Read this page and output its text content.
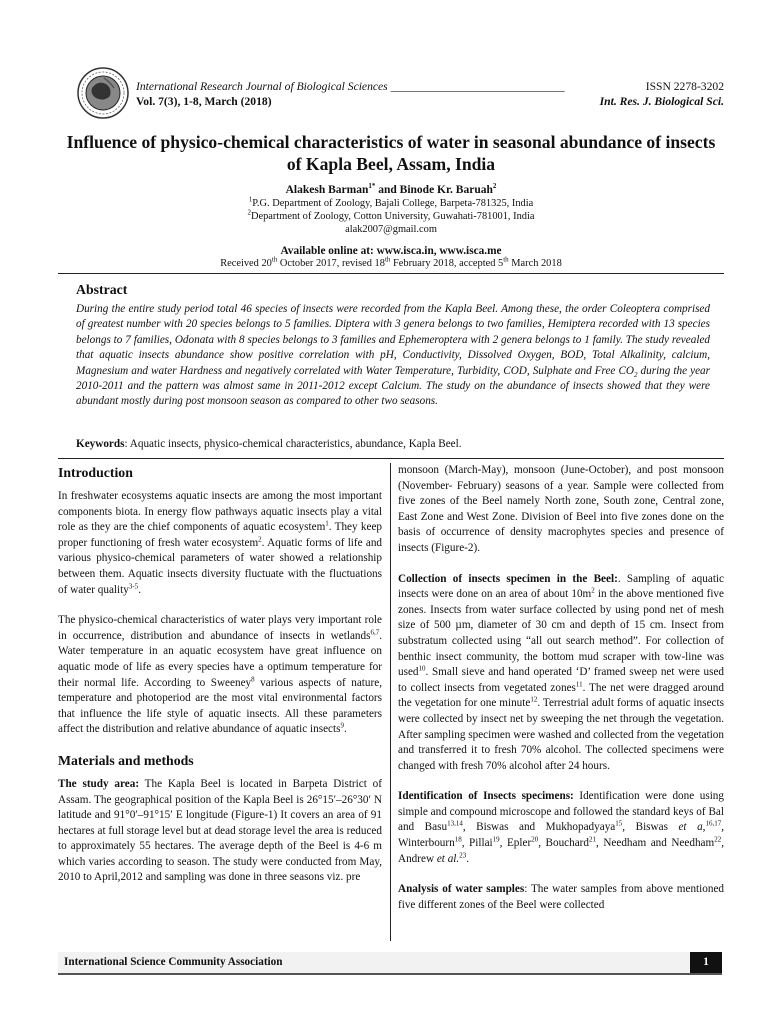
International Research Journal of Biological Sciences ______________________________
Vol. 7(3), 1-8, March (2018)
ISSN 2278-3202
Int. Res. J. Biological Sci.
Influence of physico-chemical characteristics of water in seasonal abundance of insects of Kapla Beel, Assam, India
Alakesh Barman$^{1*}$ and Binode Kr. Baruah$^2$
$^1$P.G. Department of Zoology, Bajali College, Barpeta-781325, India
$^2$Department of Zoology, Cotton University, Guwahati-781001, India
alak2007@gmail.com
Available online at: www.isca.in, www.isca.me
Received 20th October 2017, revised 18th February 2018, accepted 5th March 2018
Abstract
During the entire study period total 46 species of insects were recorded from the Kapla Beel. Among these, the order Coleoptera comprised of greatest number with 20 species belongs to 5 families. Diptera with 3 genera belongs to two families, Hemiptera recorded with 13 species belongs to 7 families, Odonata with 8 species belongs to 3 families and Ephemeroptera with 2 genera belongs to 1 family. The study revealed that aquatic insects abundance show positive correlation with pH, Conductivity, Dissolved Oxygen, BOD, Total Alkalinity, calcium, Magnesium and water Hardness and negatively correlated with Water Temperature, Turbidity, COD, Sulphate and Free $CO_2$ during the year 2010-2011 and the pattern was almost same in 2011-2012 except Calcium. The study on the abundance of insects showed that they were abundant mostly during post monsoon season as compared to other two seasons.
Keywords: Aquatic insects, physico-chemical characteristics, abundance, Kapla Beel.
Introduction

In freshwater ecosystems aquatic insects are among the most important components biota. In energy flow pathways aquatic insects play a vital role as they are the chief components of aquatic ecosystem$^1$. They keep proper functioning of fresh water ecosystem$^2$. Aquatic forms of life and various physico-chemical parameters of water showed a relationship between them. Aquatic insects diversity fluctuate with the fluctuations of water quality$^{3-5}$.

The physico-chemical characteristics of water plays very important role in occurrence, distribution and abundance of insects in wetlands$^{6,7}$. Water temperature in an aquatic ecosystem have great influence on aquatic mode of life as every species have a optimum temperature for their normal life. According to Sweeney$^8$ various aspects of nature, temperature and photoperiod are the most vital environmental factors that influence the life style of aquatic insects. All these parameters affect the distribution and relative abundance of aquatic insects$^9$.

Materials and methods

The study area: The Kapla Beel is located in Barpeta District of Assam. The geographical position of the Kapla Beel is 26°15′–26°30′ N latitude and 91°0′–91°15′ E longitude (Figure-1) It covers an area of 91 hectares at full storage level but at dead storage level the area is reduced to approximately 55 hectares. The average depth of the Beel is 4-6 m which varies according to season. The study were conducted from May, 2010 to April,2012 and sampling was done in three seasons viz. pre

monsoon (March-May), monsoon (June-October), and post monsoon (November- February) seasons of a year. Sample were collected from five zones of the Beel namely North zone, South zone, Central zone, East Zone and West Zone. Division of Beel into five zones done on the basis of occurrence of density macrophytes species and presence of insects (Figure-2).

Collection of insects specimen in the Beel:. Sampling of aquatic insects were done on an area of about $10m^2$ in the above mentioned five zones. Insects from water surface collected by using pond net of mesh size of 500 µm, diameter of 30 cm and depth of 15 cm. Insect from substratum collected using “all out search method”. For collection of benthic insect community, the bottom mud scraper with tow-line was used$^{10}$. Small sieve and hand operated ‘D’ framed sweep net were used to collect insects from vegetated zones$^{11}$. The net were dragged around the vegetation for one minute$^{12}$. Terrestrial adult forms of aquatic insects were collected by insect net by sweeping the net through the vegetation. After sampling specimen were washed and collected from the vegetation and transferred it to fresh 70% alcohol. The collected specimens were changed with fresh 70% alcohol after 24 hours.

Identification of Insects specimens: Identification were done using simple and compound microscope and followed the standard keys of Bal and Basu$^{13,14}$, Biswas and Mukhopadyaya$^{15}$, Biswas et a,$^{16,17}$, Winterbourn$^{18}$, Pillai$^{19}$, Epler$^{20}$, Bouchard$^{21}$, Needham and Needham$^{22}$, Andrew et al.$^{23}$.

Analysis of water samples: The water samples from above mentioned five different zones of the Beel were collected

International Science Community Association	1
